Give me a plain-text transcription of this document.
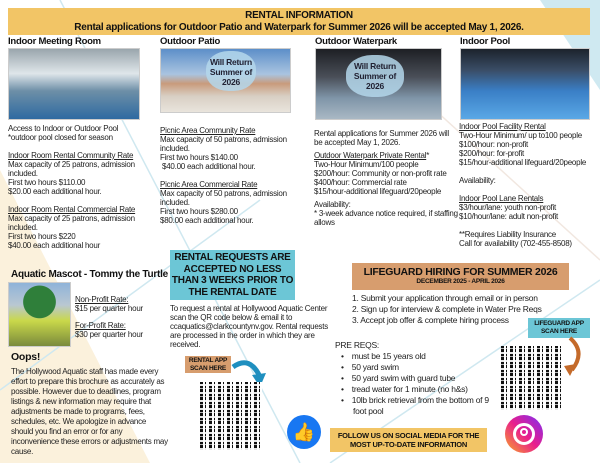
RENTAL INFORMATION
Rental applications for Outdoor Patio and Waterpark for Summer 2026 will be accepted May 1, 2026.
Indoor Meeting Room
Access to Indoor or Outdoor Pool
*outdoor pool closed for season
Indoor Room Rental Community Rate
Max capacity of 25 patrons, admission included.
First two hours $110.00
$20.00 each additional hour.
Indoor Room Rental Commercial Rate
Max capacity of 25 patrons, admission included.
First two hours $220
$40.00 each additional hour
Outdoor Patio
Will Return Summer of 2026
Picnic Area Community Rate
Max capacity of 50 patrons, admission included.
First two hours $140.00
$40.00 each additional hour.
Picnic Area Commercial Rate
Max capacity of 50 patrons, admission included.
First two hours $280.00
$80.00 each additional hour.
Outdoor Waterpark
Will Return Summer of 2026
Rental applications for Summer 2026 will be accepted May 1, 2026.
Outdoor Waterpark Private Rental*
Two-Hour Minimum/100 people
$200/hour: Community or non-profit rate
$400/hour: Commercial rate
$15/hour-additional lifeguard/20people
Availability:
* 3-week advance notice required, if staffing allows
Indoor Pool
Indoor Pool Facility Rental
Two-Hour Minimum/ up to100 people
$100/hour: non-profit
$200/hour: for-profit
$15/hour-additional lifeguard/20people
Availability:
Indoor Pool Lane Rentals
$3/hour/lane: youth non-profit
$10/hour/lane: adult non-profit
**Requires Liability Insurance
Call for availability (702-455-8508)
Aquatic Mascot - Tommy the Turtle
Non-Profit Rate:
$15 per quarter hour
For-Profit Rate:
$30 per quarter hour
Oops!
The Hollywood Aquatic staff has made every effort to prepare this brochure as accurately as possible. However due to deadlines, program listings & new information may require that adjustments be made to programs, fees, schedules, etc. We apologize in advance should you find an error or for any inconvenience these errors or adjustments may cause.
RENTAL REQUESTS ARE ACCEPTED NO LESS THAN 3 WEEKS PRIOR TO THE RENTAL DATE
To request a rental at Hollywood Aquatic Center scan the QR code below & email it to ccaquatics@clarkcountynv.gov. Rental requests are processed in the order in which they are received.
RENTAL APP SCAN HERE
👍
LIFEGUARD HIRING FOR SUMMER 2026
DECEMBER 2025 - APRIL 2026
1. Submit your application through email or in person
2. Sign up for interview & complete in Water Pre Reqs
3. Accept job offer & complete hiring process	LIFEGUARD APP SCAN HERE
PRE REQS:
• must be 15 years old
• 50 yard swim
• 50 yard swim with guard tube
• tread water for 1 minute (no h&s)
• 10lb brick retrieval from the bottom of 9 foot pool
FOLLOW US ON SOCIAL MEDIA FOR THE MOST UP-TO-DATE INFORMATION
